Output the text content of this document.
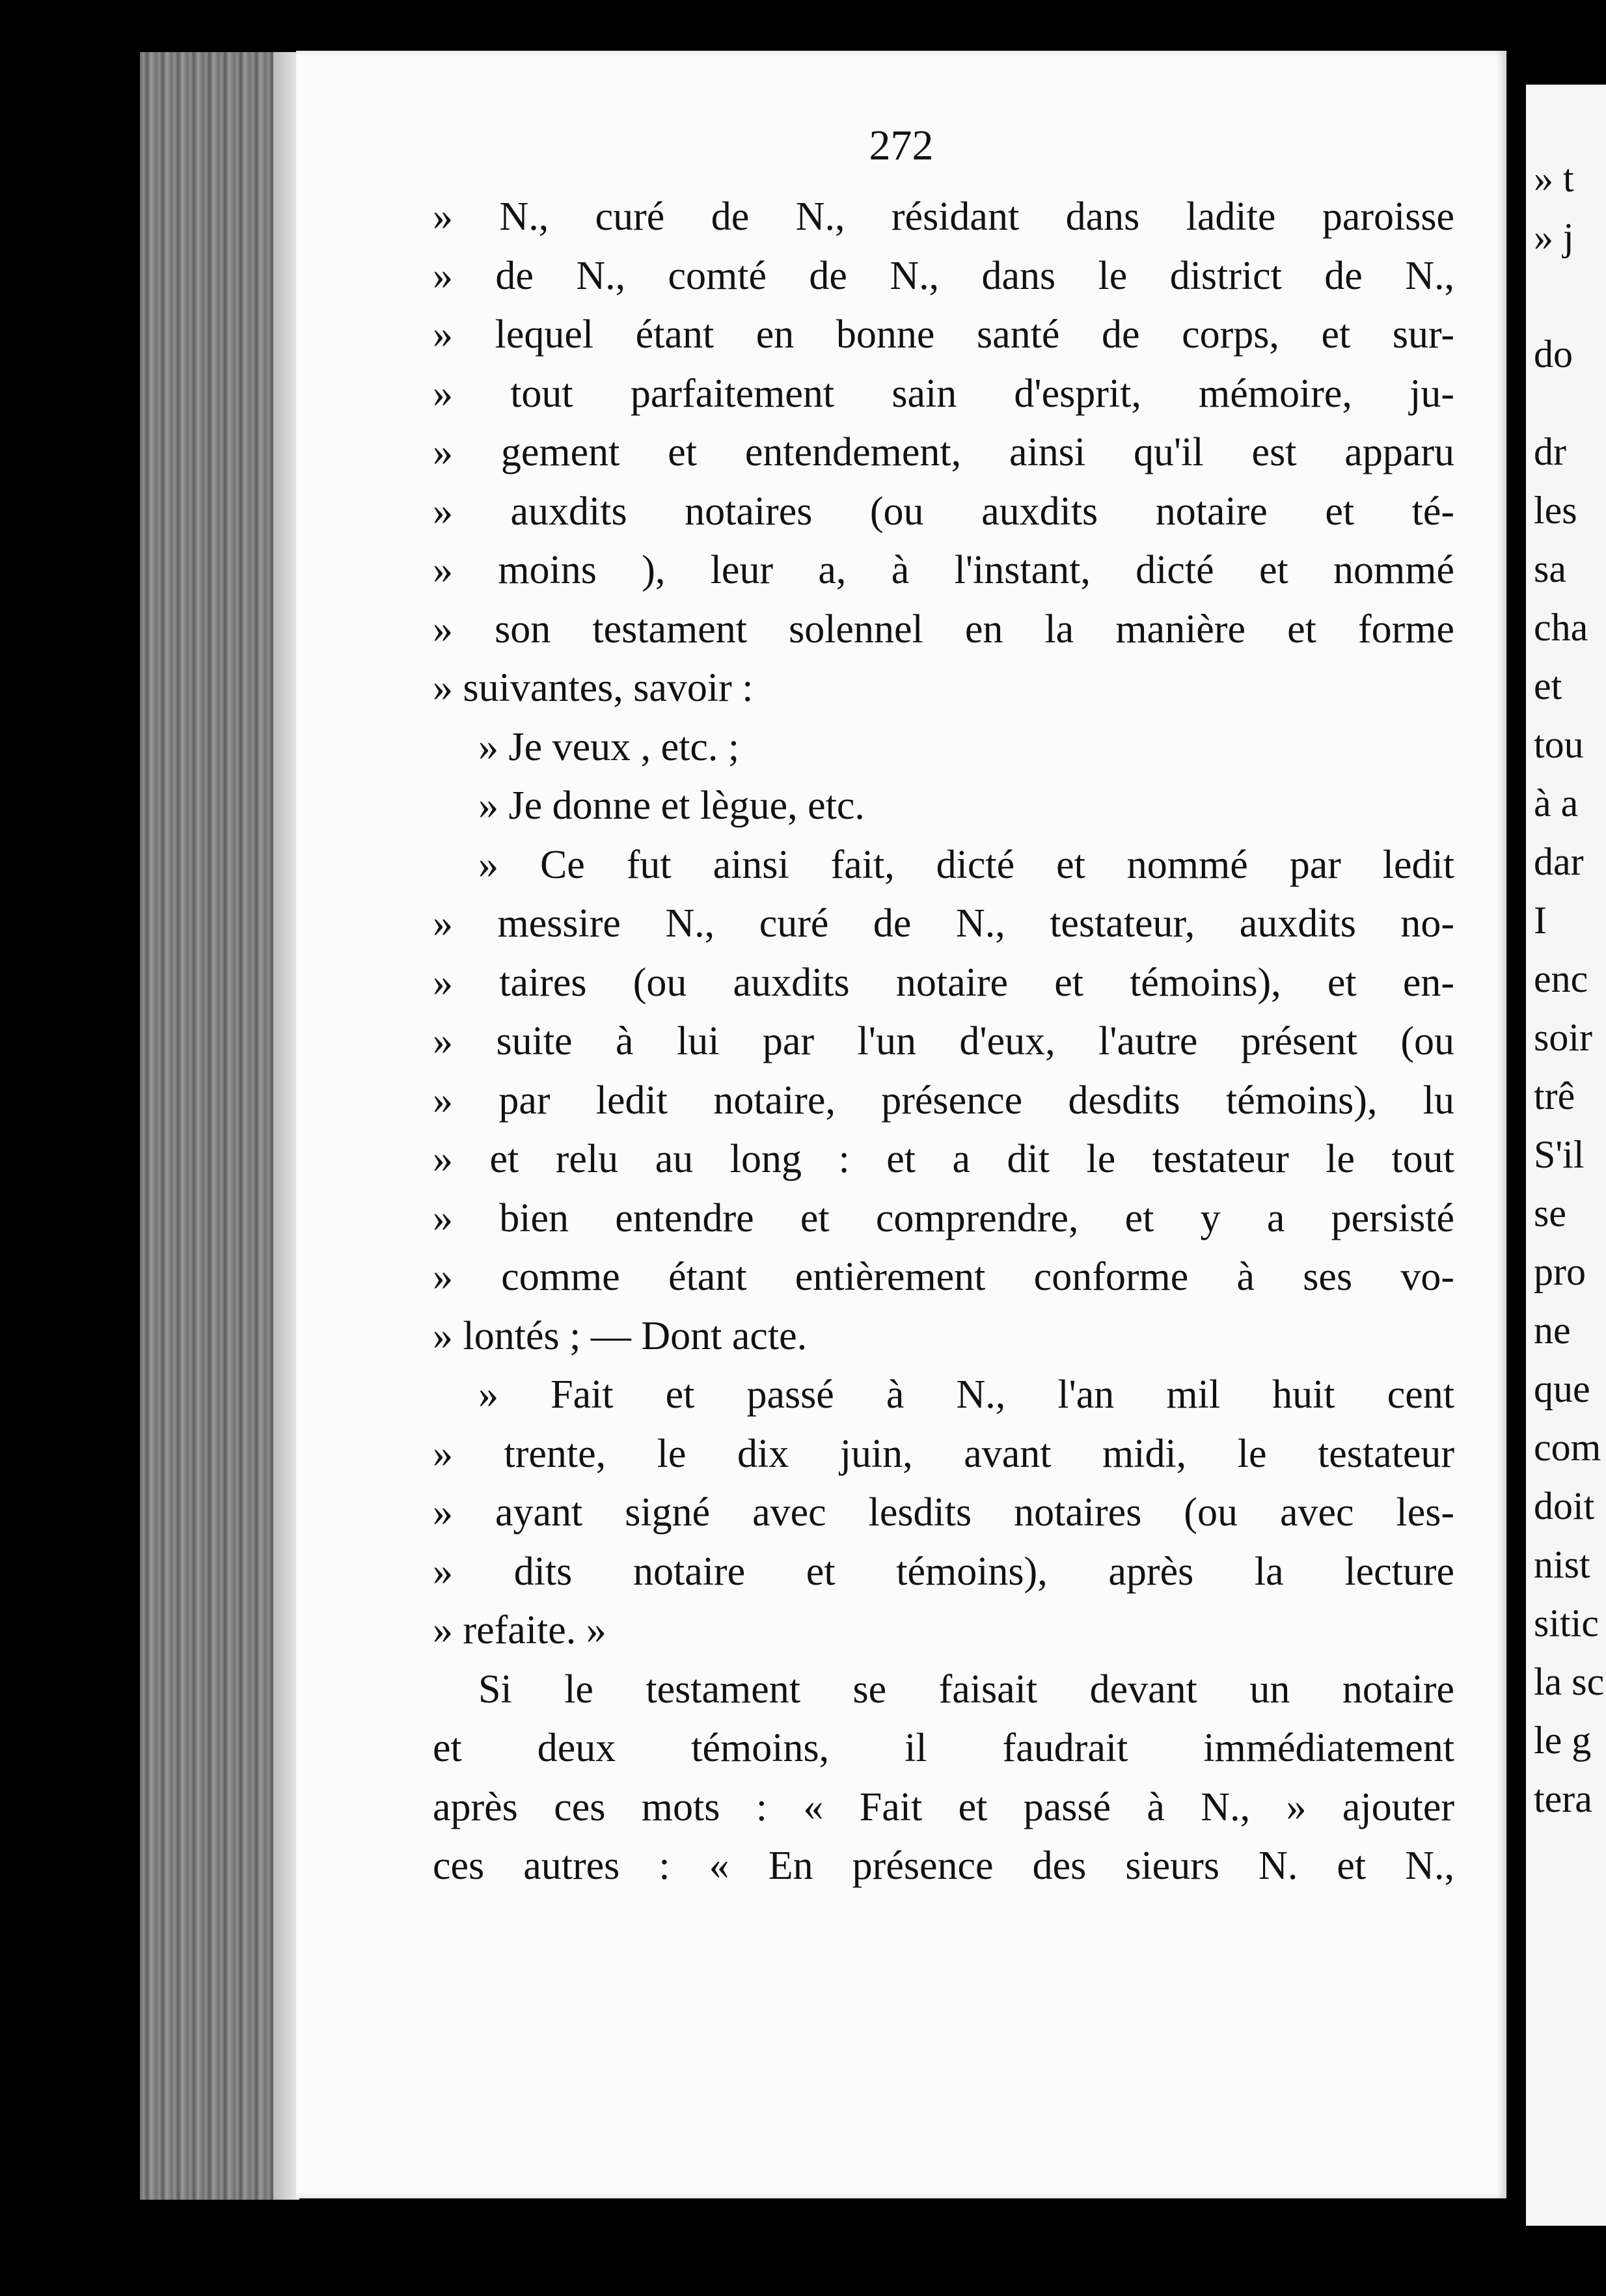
272
» N., curé de N., résidant dans ladite paroisse
» de N., comté de N., dans le district de N.,
» lequel étant en bonne santé de corps, et sur-
» tout parfaitement sain d'esprit, mémoire, ju-
» gement et entendement, ainsi qu'il est apparu
» auxdits notaires (ou auxdits notaire et té-
» moins ), leur a, à l'instant, dicté et nommé
» son testament solennel en la manière et forme
» suivantes, savoir :
» Je veux , etc. ;
» Je donne et lègue, etc.
» Ce fut ainsi fait, dicté et nommé par ledit
» messire N., curé de N., testateur, auxdits no-
» taires (ou auxdits notaire et témoins), et en-
» suite à lui par l'un d'eux, l'autre présent (ou
» par ledit notaire, présence desdits témoins), lu
» et relu au long : et a dit le testateur le tout
» bien entendre et comprendre, et y a persisté
» comme étant entièrement conforme à ses vo-
» lontés ; — Dont acte.
» Fait et passé à N., l'an mil huit cent
» trente, le dix juin, avant midi, le testateur
» ayant signé avec lesdits notaires (ou avec les-
» dits notaire et témoins), après la lecture
» refaite. »
Si le testament se faisait devant un notaire
et deux témoins, il faudrait immédiatement
après ces mots : « Fait et passé à N., » ajouter
ces autres : « En présence des sieurs N. et N.,
» t
» j
do
dr
les
sa
cha
et
tou
à a
dar
I
enc
soir
trê
S'il
se
pro
ne
que
com
doit
nist
sitic
la sc
le g
tera
